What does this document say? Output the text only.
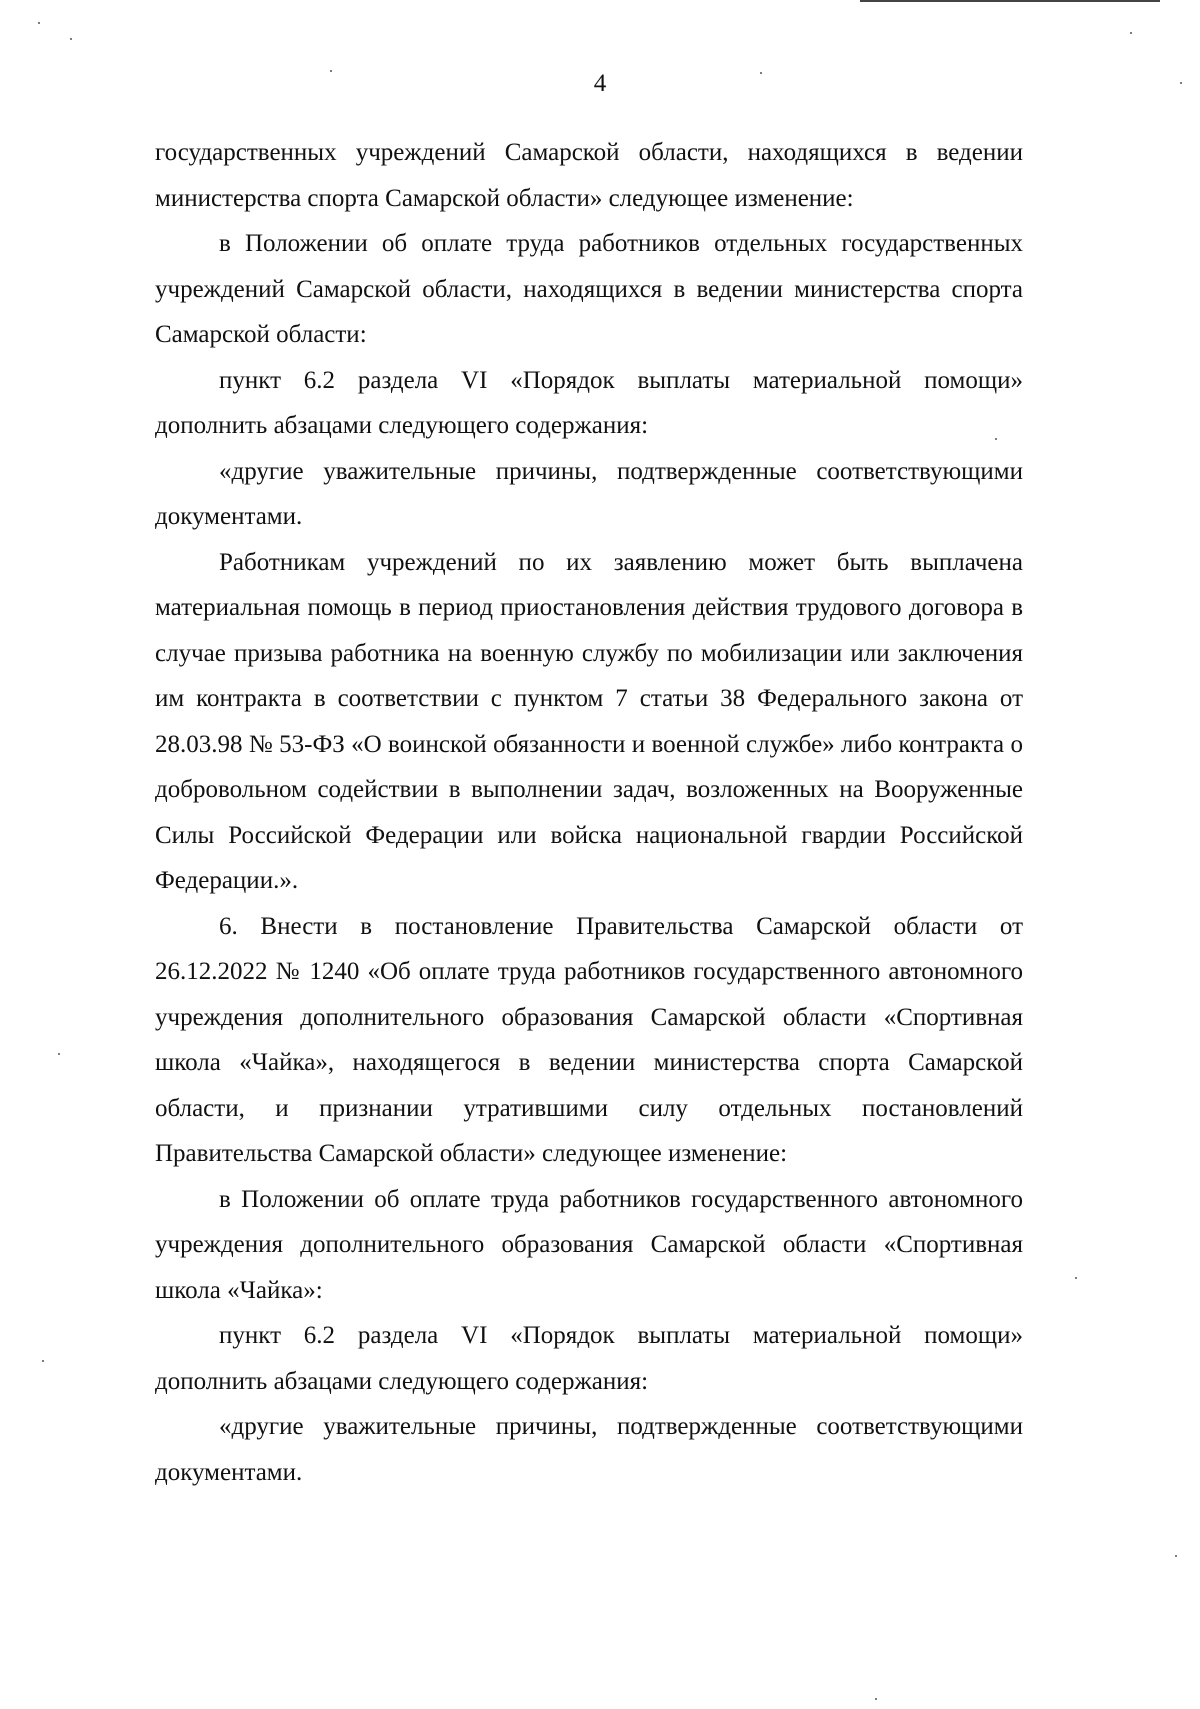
4

государственных учреждений Самарской области, находящихся в ведении министерства спорта Самарской области» следующее изменение:

в Положении об оплате труда работников отдельных государственных учреждений Самарской области, находящихся в ведении министерства спорта Самарской области:

пункт 6.2 раздела VI «Порядок выплаты материальной помощи» дополнить абзацами следующего содержания:

«другие уважительные причины, подтвержденные соответствующими документами.

Работникам учреждений по их заявлению может быть выплачена материальная помощь в период приостановления действия трудового договора в случае призыва работника на военную службу по мобилизации или заключения им контракта в соответствии с пунктом 7 статьи 38 Федерального закона от 28.03.98 № 53-ФЗ «О воинской обязанности и военной службе» либо контракта о добровольном содействии в выполнении задач, возложенных на Вооруженные Силы Российской Федерации или войска национальной гвардии Российской Федерации.».

6. Внести в постановление Правительства Самарской области от 26.12.2022 № 1240 «Об оплате труда работников государственного автономного учреждения дополнительного образования Самарской области «Спортивная школа «Чайка», находящегося в ведении министерства спорта Самарской области, и признании утратившими силу отдельных постановлений Правительства Самарской области» следующее изменение:

в Положении об оплате труда работников государственного автономного учреждения дополнительного образования Самарской области «Спортивная школа «Чайка»:

пункт 6.2 раздела VI «Порядок выплаты материальной помощи» дополнить абзацами следующего содержания:

«другие уважительные причины, подтвержденные соответствующими документами.
